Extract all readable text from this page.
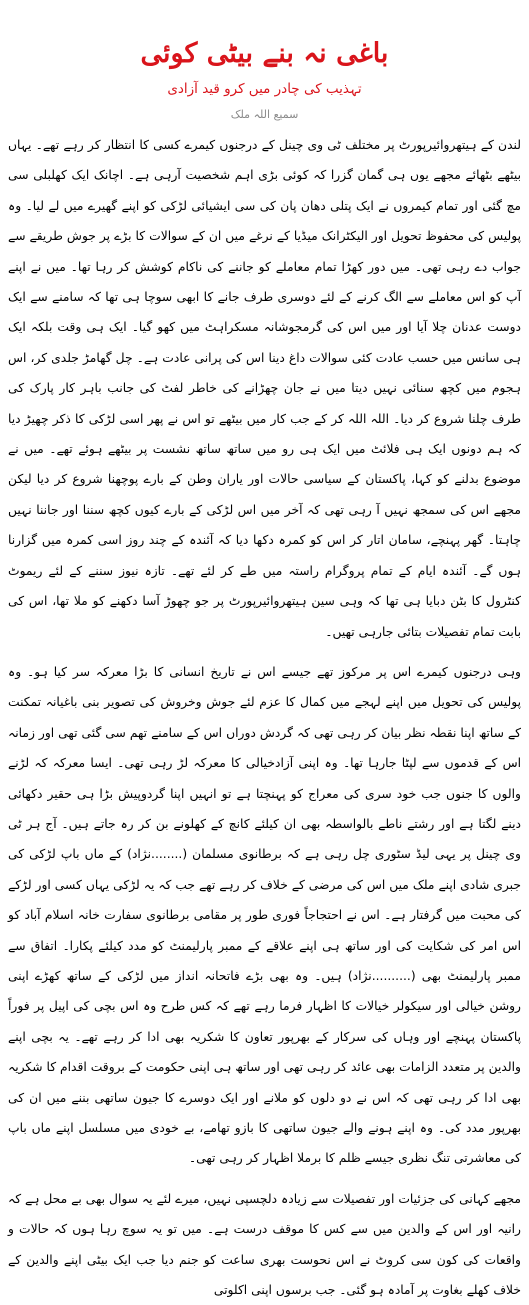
باغی نہ بنے بیٹی کوئی
تہذیب کی چادر میں کرو قید آزادی
سمیع اللہ ملک

لندن کے ہیتھروائیرپورٹ پر مختلف ٹی وی چینل کے درجنوں کیمرے کسی کا انتظار کر رہے تھے۔ یہاں بیٹھے بٹھائے مجھے یوں ہی گمان گزرا کہ کوئی بڑی اہم شخصیت آرہی ہے۔ اچانک ایک کھلبلی سی مچ گئی اور تمام کیمروں نے ایک پتلی دھان پان کی سی ایشیائی لڑکی کو اپنے گھیرے میں لے لیا۔ وہ پولیس کی محفوظ تحویل اور الیکٹرانک میڈیا کے نرغے میں ان کے سوالات کا بڑے پر جوش طریقے سے جواب دے رہی تھی۔ میں دور کھڑا تمام معاملے کو جاننے کی ناکام کوشش کر رہا تھا۔ میں نے اپنے آپ کو اس معاملے سے الگ کرنے کے لئے دوسری طرف جانے کا ابھی سوچا ہی تھا کہ سامنے سے ایک دوست عدنان چلا آیا اور میں اس کی گرمجوشانہ مسکراہٹ میں کھو گیا۔ ایک ہی وقت بلکہ ایک ہی سانس میں حسب عادت کئی سوالات داغ دینا اس کی پرانی عادت ہے۔ چل گھامڑ جلدی کر، اس ہجوم میں کچھ سنائی نہیں دیتا میں نے جان چھڑانے کی خاطر لفٹ کی جانب باہر کار پارک کی طرف چلنا شروع کر دیا۔ اللہ اللہ کر کے جب کار میں بیٹھے تو اس نے پھر اسی لڑکی کا ذکر چھیڑ دیا کہ ہم دونوں ایک ہی فلائٹ میں ایک ہی رو میں ساتھ ساتھ نشست پر بیٹھے ہوئے تھے۔ میں نے موضوع بدلنے کو کہا، پاکستان کے سیاسی حالات اور یاران وطن کے بارے پوچھنا شروع کر دیا لیکن مجھے اس کی سمجھ نہیں آ رہی تھی کہ آخر میں اس لڑکی کے بارے کیوں کچھ سننا اور جاننا نہیں چاہتا۔ گھر پہنچے، سامان اتار کر اس کو کمرہ دکھا دیا کہ آئندہ کے چند روز اسی کمرہ میں گزارنا ہوں گے۔ آئندہ ایام کے تمام پروگرام راستہ میں طے کر لئے تھے۔ تازہ نیوز سننے کے لئے ریموٹ کنٹرول کا بٹن دبایا ہی تھا کہ وہی سین ہیتھروائیرپورٹ پر جو چھوڑ آسا دکھنے کو ملا تھا، اس کی بابت تمام تفصیلات بتائی جارہی تھیں۔

وہی درجنوں کیمرے اس پر مرکوز تھے جیسے اس نے تاریخ انسانی کا بڑا معرکہ سر کیا ہو۔ وہ پولیس کی تحویل میں اپنے لہجے میں کمال کا عزم لئے جوش وخروش کی تصویر بنی باغیانہ تمکنت کے ساتھ اپنا نقطہ نظر بیان کر رہی تھی کہ گردش دوراں اس کے سامنے تھم سی گئی تھی اور زمانہ اس کے قدموں سے لپٹا جارہا تھا۔ وہ اپنی آزادخیالی کا معرکہ لڑ رہی تھی۔ ایسا معرکہ کہ لڑنے والوں کا جنوں جب خود سری کی معراج کو پہنچتا ہے تو انہیں اپنا گردوپیش بڑا ہی حقیر دکھائی دینے لگتا ہے اور رشتے ناطے بالواسطہ بھی ان کیلئے کانچ کے کھلونے بن کر رہ جاتے ہیں۔ آج ہر ٹی وی چینل پر یہی لیڈ سٹوری چل رہی ہے کہ برطانوی مسلمان (........نژاد) کے ماں باپ لڑکی کی جبری شادی اپنے ملک میں اس کی مرضی کے خلاف کر رہے تھے جب کہ یہ لڑکی یہاں کسی اور لڑکے کی محبت میں گرفتار ہے۔ اس نے احتجاجاً فوری طور پر مقامی برطانوی سفارت خانہ اسلام آباد کو اس امر کی شکایت کی اور ساتھ ہی اپنے علاقے کے ممبر پارلیمنٹ کو مدد کیلئے پکارا۔ اتفاق سے ممبر پارلیمنٹ بھی (..........نژاد) ہیں۔ وہ بھی بڑے فاتحانہ انداز میں لڑکی کے ساتھ کھڑے اپنی روشن خیالی اور سیکولر خیالات کا اظہار فرما رہے تھے کہ کس طرح وہ اس بچی کی اپیل پر فوراً پاکستان پہنچے اور وہاں کی سرکار کے بھرپور تعاون کا شکریہ بھی ادا کر رہے تھے۔ یہ بچی اپنے والدین پر متعدد الزامات بھی عائد کر رہی تھی اور ساتھ ہی اپنی حکومت کے بروقت اقدام کا شکریہ بھی ادا کر رہی تھی کہ اس نے دو دلوں کو ملانے اور ایک دوسرے کا جیون ساتھی بننے میں ان کی بھرپور مدد کی۔ وہ اپنے ہونے والے جیون ساتھی کا بازو تھامے، بے خودی میں مسلسل اپنے ماں باپ کی معاشرتی تنگ نظری جیسے ظلم کا برملا اظہار کر رہی تھی۔

مجھے کہانی کی جزئیات اور تفصیلات سے زیادہ دلچسپی نہیں، میرے لئے یہ سوال بھی بے محل ہے کہ رانیہ اور اس کے والدین میں سے کس کا موقف درست ہے۔ میں تو یہ سوچ رہا ہوں کہ حالات و واقعات کی کون سی کروٹ نے اس نحوست بھری ساعت کو جنم دیا جب ایک بیٹی اپنے والدین کے خلاف کھلے بغاوت پر آمادہ ہو گئی۔ جب برسوں اپنی اکلوتی
